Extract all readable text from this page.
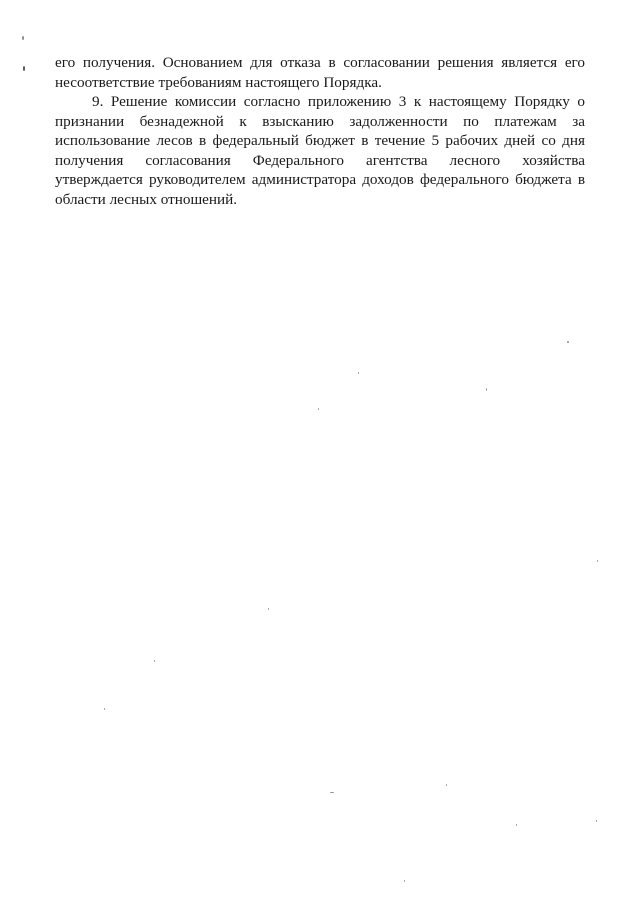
его получения. Основанием для отказа в согласовании решения является его несоответствие требованиям настоящего Порядка.

9. Решение комиссии согласно приложению 3 к настоящему Порядку о признании безнадежной к взысканию задолженности по платежам за использование лесов в федеральный бюджет в течение 5 рабочих дней со дня получения согласования Федерального агентства лесного хозяйства утверждается руководителем администратора доходов федерального бюджета в области лесных отношений.
